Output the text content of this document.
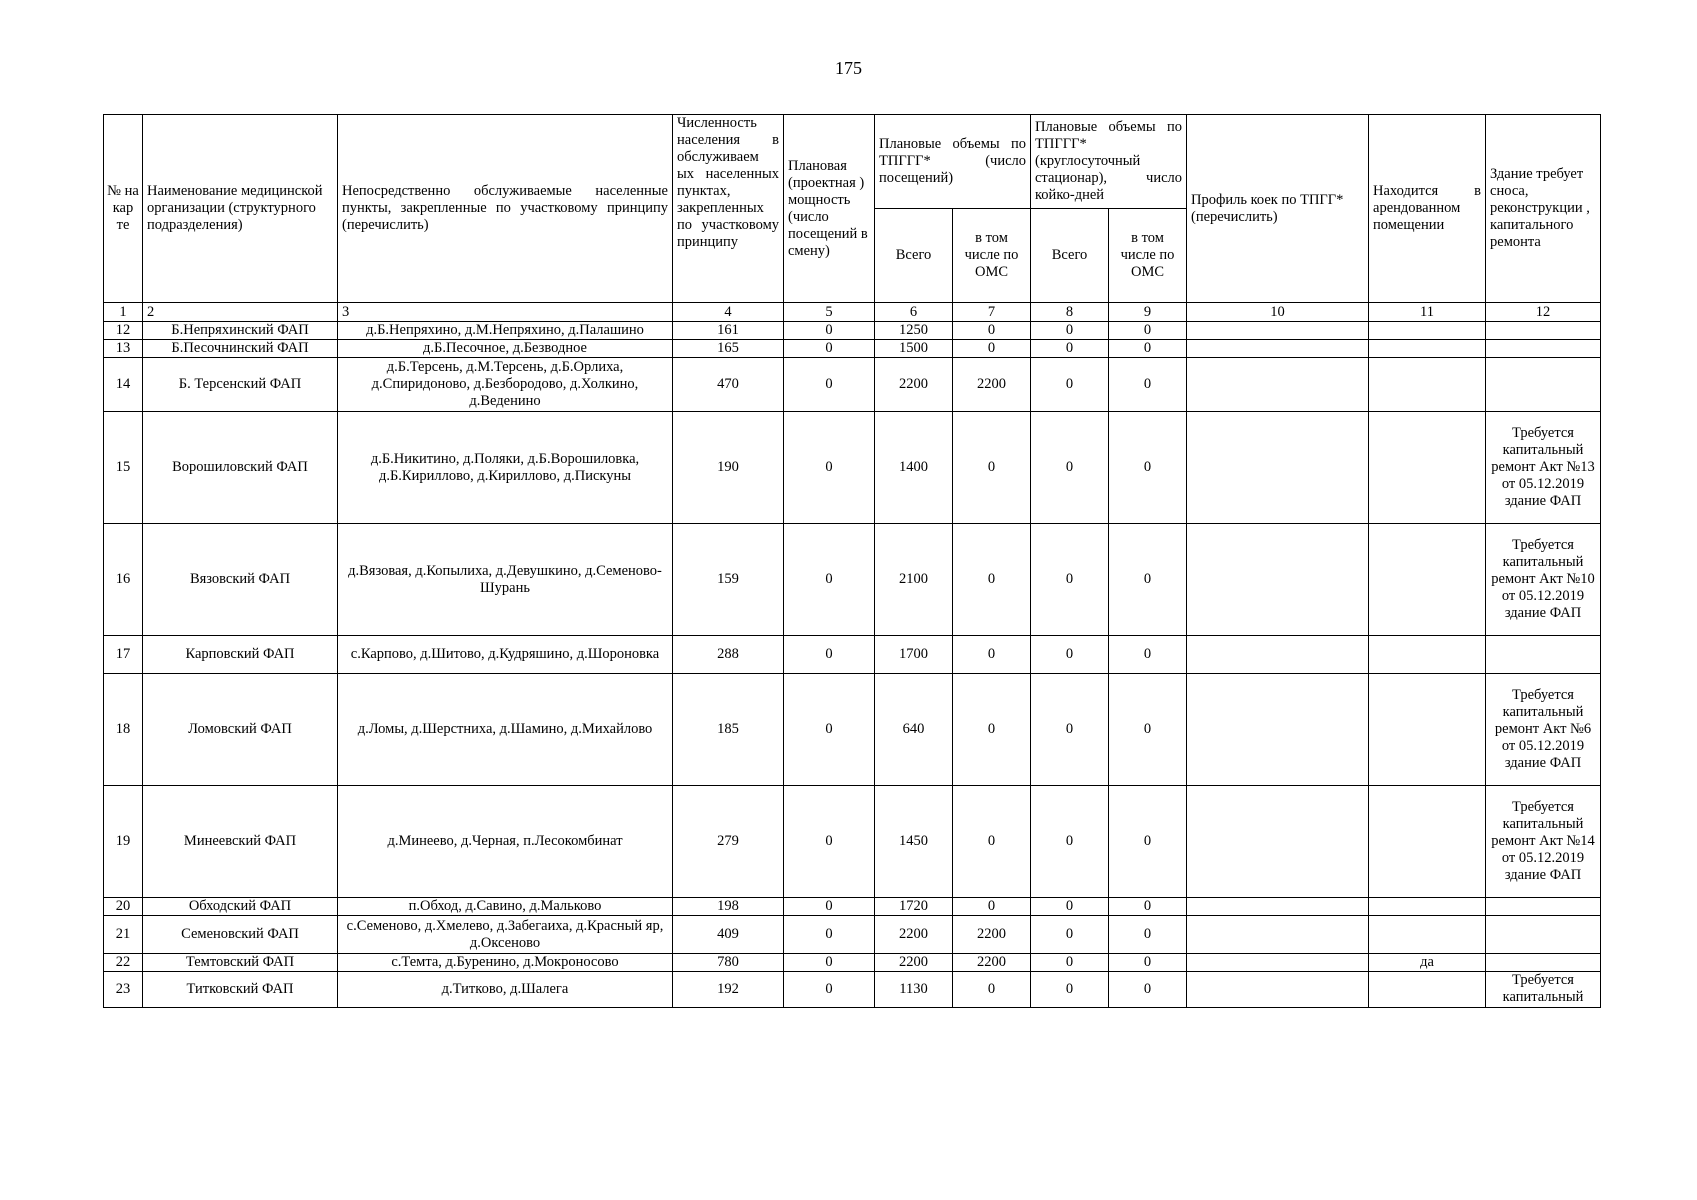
175
№ на кар те	Наименование медицинской организации (структурного подразделения)	Непосредственно обслуживаемые населенные пункты, закрепленные по участковому принципу (перечислить)	Численность населения в обслуживаем ых населенных пунктах, закрепленных по участковому принципу	Плановая (проектная ) мощность (число посещений в смену)	Плановые объемы по ТПГГГ* (число посещений)		Плановые объемы по ТПГГГ* (круглосуточный стационар), число койко-дней		Профиль коек по ТПГГ* (перечислить)	Находится в арендованном помещении	Здание требует сноса, реконструкции , капитального ремонта
					Всего	в том числе по ОМС	Всего	в том числе по ОМС			
1	2	3	4	5	6	7	8	9	10	11	12
12	Б.Непряхинский ФАП	д.Б.Непряхино, д.М.Непряхино, д.Палашино	161	0	1250	0	0	0			
13	Б.Песочнинский ФАП	д.Б.Песочное, д.Безводное	165	0	1500	0	0	0			
14	Б. Терсенский ФАП	д.Б.Терсень, д.М.Терсень, д.Б.Орлиха, д.Спиридоново, д.Безбородово, д.Холкино, д.Веденино	470	0	2200	2200	0	0			
15	Ворошиловский ФАП	д.Б.Никитино, д.Поляки, д.Б.Ворошиловка, д.Б.Кириллово, д.Кириллово, д.Пискуны	190	0	1400	0	0	0			Требуется капитальный ремонт Акт №13 от 05.12.2019 здание ФАП
16	Вязовский ФАП	д.Вязовая, д.Копылиха, д.Девушкино, д.Семеново-Шурань	159	0	2100	0	0	0			Требуется капитальный ремонт Акт №10 от 05.12.2019 здание ФАП
17	Карповский ФАП	с.Карпово, д.Шитово, д.Кудряшино, д.Шороновка	288	0	1700	0	0	0			
18	Ломовский ФАП	д.Ломы, д.Шерстниха, д.Шамино, д.Михайлово	185	0	640	0	0	0			Требуется капитальный ремонт Акт №6 от 05.12.2019 здание ФАП
19	Минеевский ФАП	д.Минеево, д.Черная, п.Лесокомбинат	279	0	1450	0	0	0			Требуется капитальный ремонт Акт №14 от 05.12.2019 здание ФАП
20	Обходский ФАП	п.Обход, д.Савино, д.Мальково	198	0	1720	0	0	0			
21	Семеновский ФАП	с.Семеново, д.Хмелево, д.Забегаиха, д.Красный яр, д.Оксеново	409	0	2200	2200	0	0			
22	Темтовский ФАП	с.Темта, д.Буренино, д.Мокроносово	780	0	2200	2200	0	0		да	
23	Титковский ФАП	д.Титково, д.Шалега	192	0	1130	0	0	0			Требуется капитальный
